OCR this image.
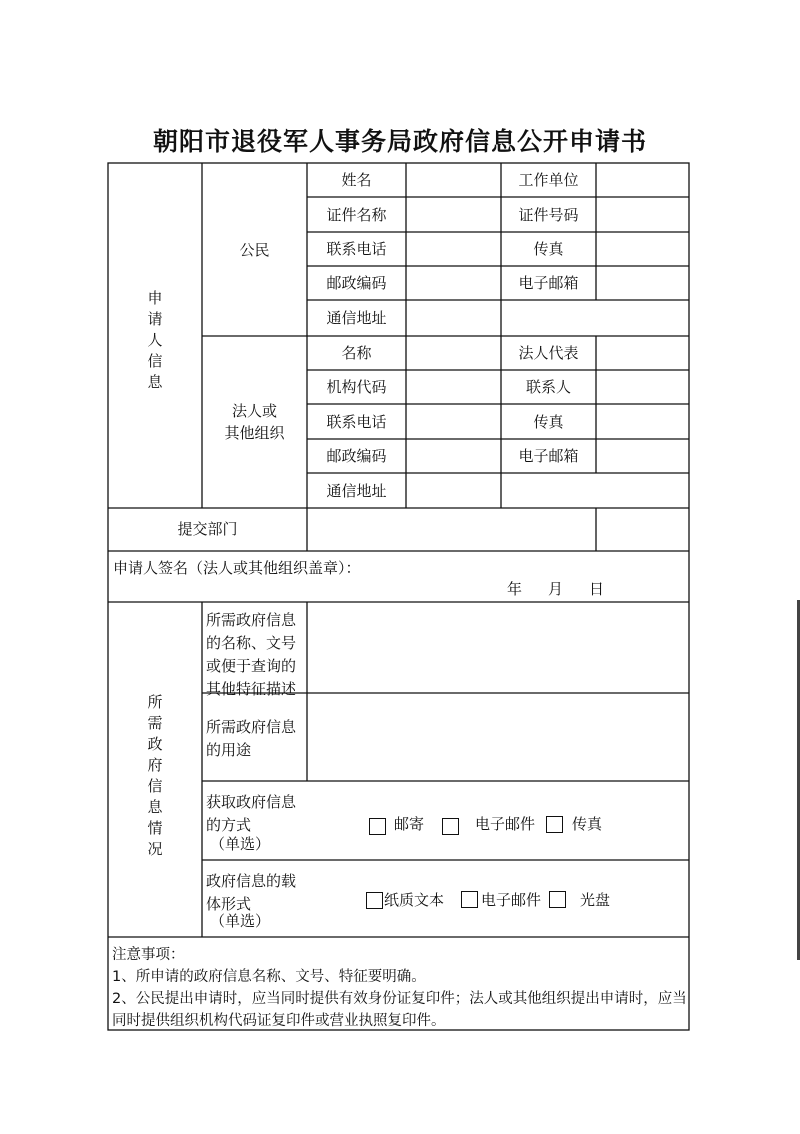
朝阳市退役军人事务局政府信息公开申请书
申请人信息
公民
姓名
证件名称
联系电话
邮政编码
通信地址
工作单位
证件号码
传真
电子邮箱
法人或
其他组织
名称
机构代码
联系电话
邮政编码
通信地址
法人代表
联系人
传真
电子邮箱
提交部门
申请人签名（法人或其他组织盖章）：
年 月 日
所需政府信息情况
所需政府信息的名称、文号或便于查询的其他特征描述
所需政府信息的用途
获取政府信息的方式
（单选）
邮寄	电子邮件 传真
政府信息的载体形式
（单选）
纸质文本 电子邮件	光盘
注意事项：
1、所申请的政府信息名称、文号、特征要明确。
2、公民提出申请时，应当同时提供有效身份证复印件；法人或其他组织提出申请时，应当同时提供组织机构代码证复印件或营业执照复印件。
